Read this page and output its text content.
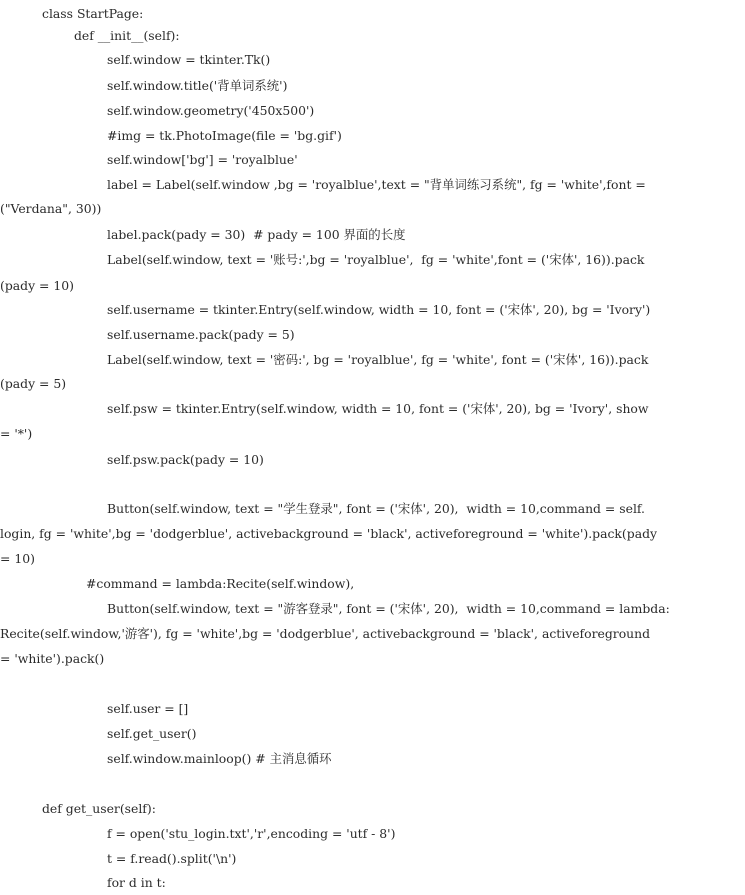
class StartPage:
def __init__(self):
self.window = tkinter.Tk()
self.window.title('背单词系统')
self.window.geometry('450x500')
#img = tk.PhotoImage(file = 'bg.gif')
self.window['bg'] = 'royalblue'
label = Label(self.window ,bg = 'royalblue',text = "背单词练习系统", fg = 'white',font =
("Verdana", 30))
label.pack(pady = 30)  # pady = 100 界面的长度
Label(self.window, text = '账号:',bg = 'royalblue',  fg = 'white',font = ('宋体', 16)).pack
(pady = 10)
self.username = tkinter.Entry(self.window, width = 10, font = ('宋体', 20), bg = 'Ivory')
self.username.pack(pady = 5)
Label(self.window, text = '密码:', bg = 'royalblue', fg = 'white', font = ('宋体', 16)).pack
(pady = 5)
self.psw = tkinter.Entry(self.window, width = 10, font = ('宋体', 20), bg = 'Ivory', show
= '*')
self.psw.pack(pady = 10)
Button(self.window, text = "学生登录", font = ('宋体', 20),  width = 10,command = self.
login, fg = 'white',bg = 'dodgerblue', activebackground = 'black', activeforeground = 'white').pack(pady
= 10)
#command = lambda:Recite(self.window),
Button(self.window, text = "游客登录", font = ('宋体', 20),  width = 10,command = lambda:
Recite(self.window,'游客'), fg = 'white',bg = 'dodgerblue', activebackground = 'black', activeforeground
= 'white').pack()
self.user = []
self.get_user()
self.window.mainloop() # 主消息循环
def get_user(self):
f = open('stu_login.txt','r',encoding = 'utf - 8')
t = f.read().split('\n')
for d in t:
